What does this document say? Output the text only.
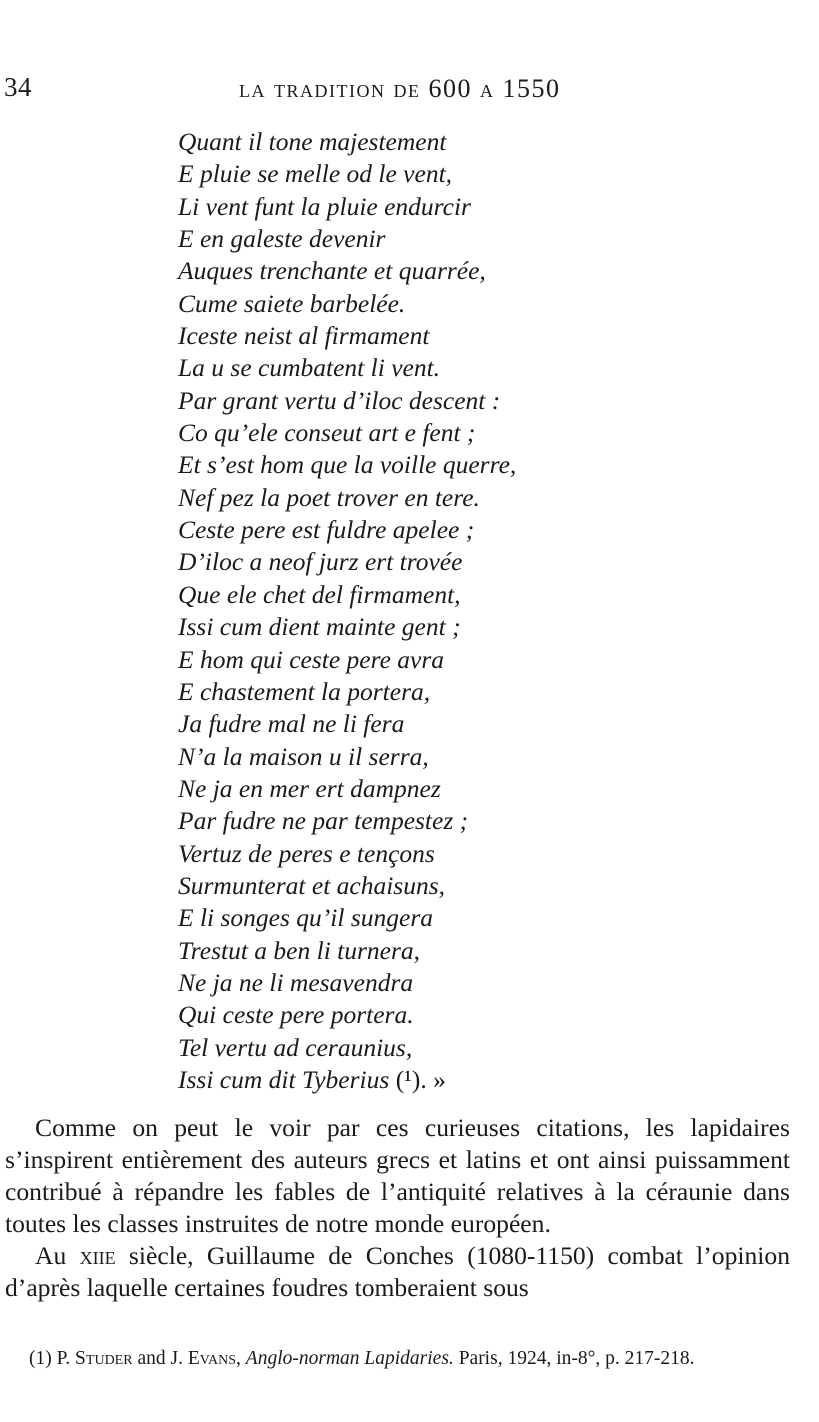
34	la tradition de 600 a 1550
Quant il tone majestement
E pluie se melle od le vent,
Li vent funt la pluie endurcir
E en galeste devenir
Auques trenchante et quarrée,
Cume saiete barbelée.
Iceste neist al firmament
La u se cumbatent li vent.
Par grant vertu d’iloc descent :
Co qu’ele conseut art e fent ;
Et s’est hom que la voille querre,
Nef pez la poet trover en tere.
Ceste pere est fuldre apelee ;
D’iloc a neof jurz ert trovée
Que ele chet del firmament,
Issi cum dient mainte gent ;
E hom qui ceste pere avra
E chastement la portera,
Ja fudre mal ne li fera
N’a la maison u il serra,
Ne ja en mer ert dampnez
Par fudre ne par tempestez ;
Vertuz de peres e tençons
Surmunterat et achaisuns,
E li songes qu’il sungera
Trestut a ben li turnera,
Ne ja ne li mesavendra
Qui ceste pere portera.
Tel vertu ad ceraunius,
Issi cum dit Tyberius (¹). »

Comme on peut le voir par ces curieuses citations, les lapidaires s’inspirent entièrement des auteurs grecs et latins et ont ainsi puissamment contribué à répandre les fables de l’antiquité relatives à la céraunie dans toutes les classes instruites de notre monde européen.

Au xiie siècle, Guillaume de Conches (1080-1150) combat l’opinion d’après laquelle certaines foudres tomberaient sous

(1) P. Studer and J. Evans, Anglo-norman Lapidaries. Paris, 1924, in-8°, p. 217-218.
